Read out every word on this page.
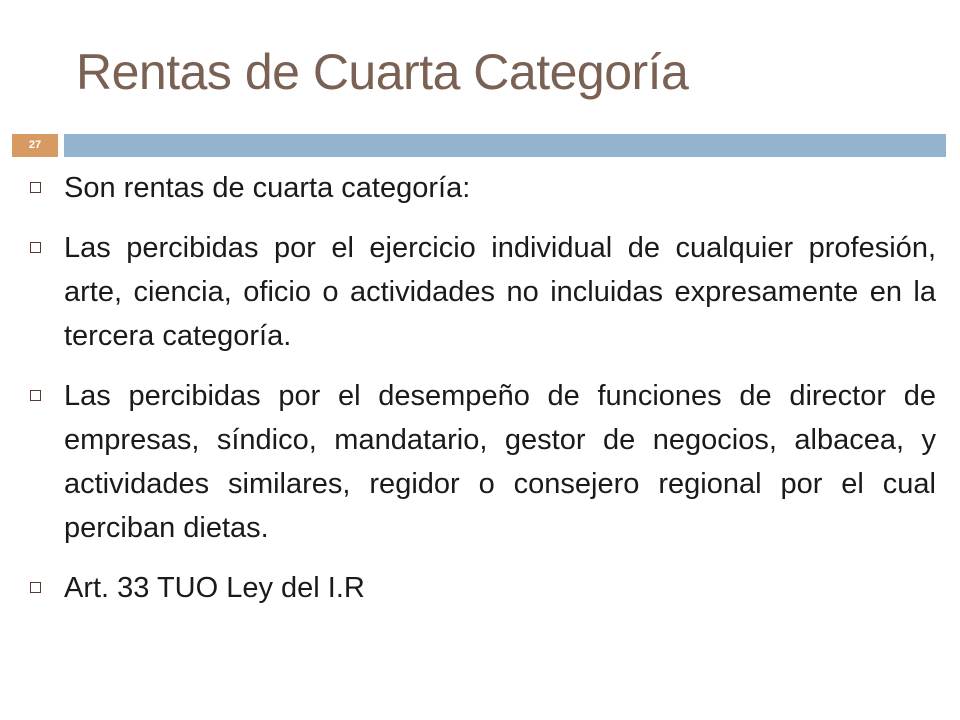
Rentas de Cuarta Categoría
27
Son rentas de cuarta categoría:
Las percibidas por el ejercicio individual de cualquier profesión, arte, ciencia, oficio o actividades no incluidas expresamente en la tercera categoría.
Las percibidas por el desempeño de funciones de director de empresas, síndico, mandatario, gestor de negocios, albacea, y actividades similares, regidor o consejero regional por el cual perciban dietas.
Art. 33 TUO Ley del I.R
